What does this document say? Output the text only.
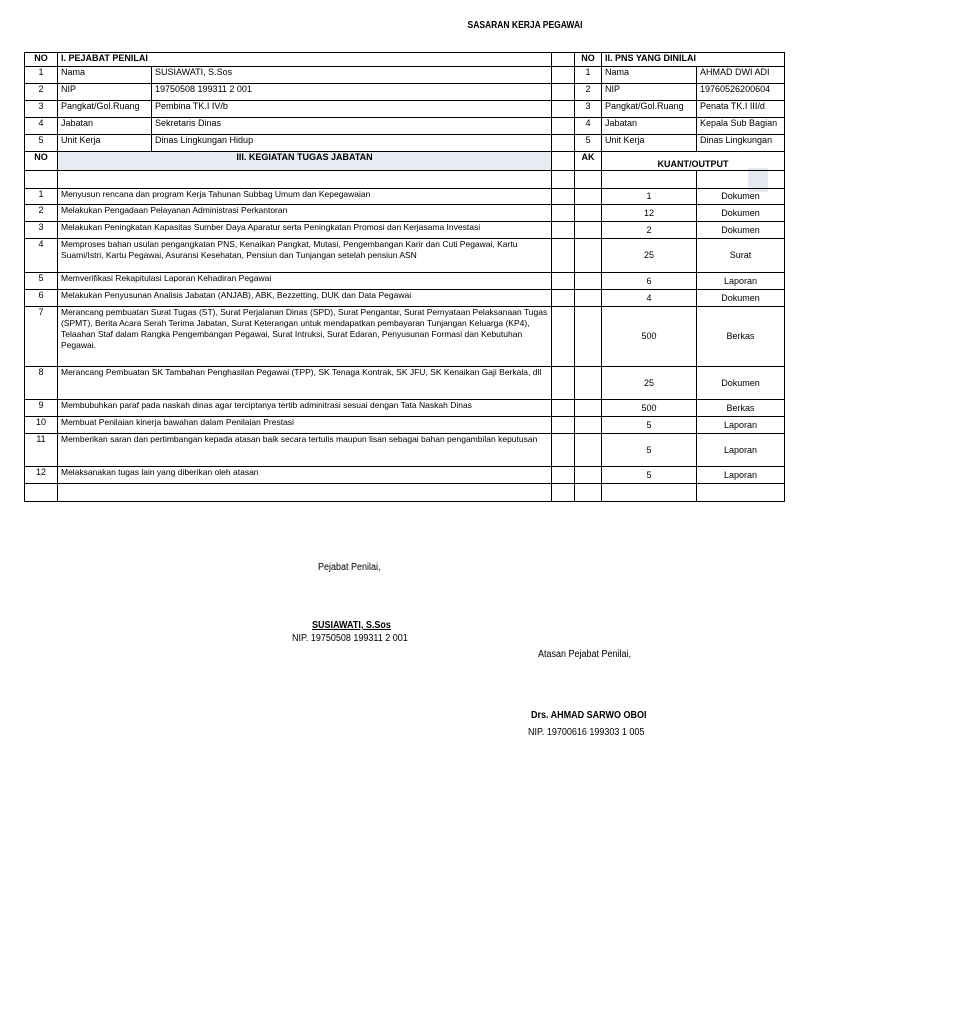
SASARAN KERJA PEGAWAI
NO	I. PEJABAT PENILAI			NO	II. PNS YANG DINILAI	
1	Nama	SUSIAWATI, S.Sos		1	Nama	AHMAD DWI ADI
2	NIP	19750508 199311 2 001		2	NIP	19760526200604
3	Pangkat/Gol.Ruang	Pembina TK.I IV/b		3	Pangkat/Gol.Ruang	Penata TK.I III/d
4	Jabatan	Sekretaris Dinas		4	Jabatan	Kepala Sub Bagian
5	Unit Kerja	Dinas Lingkungan Hidup		5	Unit Kerja	Dinas Lingkungan
NO	III. KEGIATAN TUGAS JABATAN			AK	KUANT/OUTPUT	

1	Menyusun rencana dan program Kerja Tahunan Subbag Umum dan Kepegawaian				1	Dokumen
2	Melakukan Pengadaan Pelayanan Administrasi Perkantoran				12	Dokumen
3	Melakukan Peningkatan Kapasitas Sumber Daya Aparatur serta Peningkatan Promosi dan Kerjasama Investasi				2	Dokumen
4	Memproses bahan usulan pengangkatan PNS, Kenaikan Pangkat, Mutasi, Pengembangan Karir dan Cuti Pegawai, Kartu Suami/Istri, Kartu Pegawai, Asuransi Kesehatan, Pensiun dan Tunjangan setelah pensiun ASN				25	Surat
5	Memverifikasi Rekapitulasi Laporan Kehadiran Pegawai				6	Laporan
6	Melakukan Penyusunan Analisis Jabatan (ANJAB), ABK, Bezzetting, DUK dan Data Pegawai				4	Dokumen
7	Merancang pembuatan Surat Tugas (ST), Surat Perjalanan Dinas (SPD), Surat Pengantar, Surat Pernyataan Pelaksanaan Tugas (SPMT), Berita Acara Serah Terima Jabatan, Surat Keterangan untuk mendapatkan pembayaran Tunjangan Keluarga (KP4), Telaahan Staf dalam Rangka Pengembangan Pegawai, Surat Intruksi, Surat Edaran, Penyusunan Formasi dan Kebutuhan Pegawai.				500	Berkas
8	Merancang Pembuatan SK Tambahan Penghasilan Pegawai (TPP), SK Tenaga Kontrak, SK JFU, SK Kenaikan Gaji Berkala, dll				25	Dokumen
9	Membubuhkan paraf pada naskah dinas agar terciptanya tertib adminitrasi sesuai dengan Tata Naskah Dinas				500	Berkas
10	Membuat Penilaian kinerja bawahan dalam Penilaian Prestasi				5	Laporan
11	Memberikan saran dan pertimbangan kepada atasan baik secara tertulis maupun lisan sebagai bahan pengambilan keputusan				5	Laporan
12	Melaksanakan tugas lain yang diberikan oleh atasan				5	Laporan

Pejabat Penilai,
SUSIAWATI, S.Sos
NIP. 19750508 199311 2 001
Atasan Pejabat Penilai,
Drs. AHMAD SARWO OBOI
NIP. 19700616 199303 1 005
